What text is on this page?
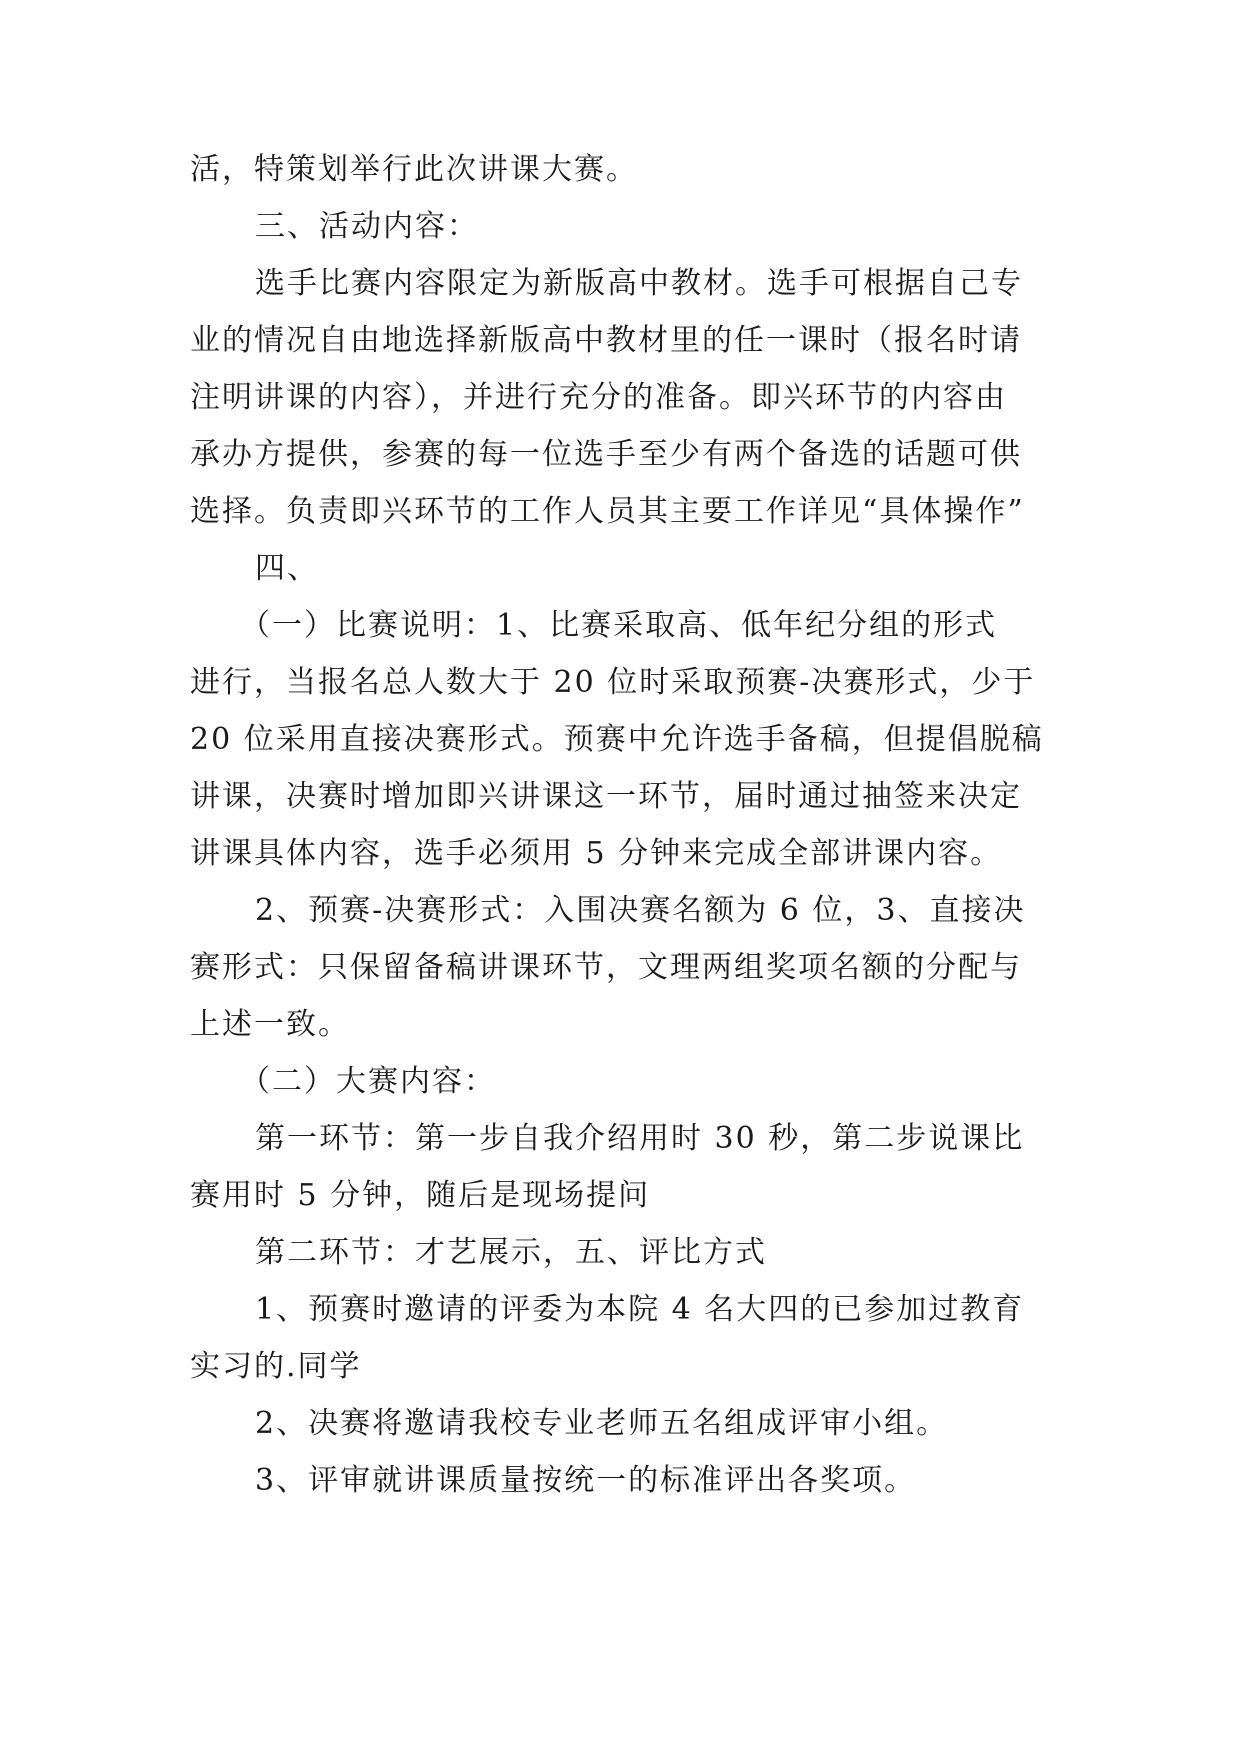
活，特策划举行此次讲课大赛。

三、活动内容：

选手比赛内容限定为新版高中教材。选手可根据自己专

业的情况自由地选择新版高中教材里的任一课时（报名时请

注明讲课的内容），并进行充分的准备。即兴环节的内容由

承办方提供，参赛的每一位选手至少有两个备选的话题可供

选择。负责即兴环节的工作人员其主要工作详见“具体操作”

四、

（一）比赛说明：1、比赛采取高、低年纪分组的形式

进行，当报名总人数大于 20 位时采取预赛-决赛形式，少于

20 位采用直接决赛形式。预赛中允许选手备稿，但提倡脱稿

讲课，决赛时增加即兴讲课这一环节，届时通过抽签来决定

讲课具体内容，选手必须用 5 分钟来完成全部讲课内容。

2、预赛-决赛形式：入围决赛名额为 6 位，3、直接决

赛形式：只保留备稿讲课环节，文理两组奖项名额的分配与

上述一致。

（二）大赛内容：

第一环节：第一步自我介绍用时 30 秒，第二步说课比

赛用时 5 分钟，随后是现场提问

第二环节：才艺展示，五、评比方式

1、预赛时邀请的评委为本院 4 名大四的已参加过教育

实习的.同学

2、决赛将邀请我校专业老师五名组成评审小组。

3、评审就讲课质量按统一的标准评出各奖项。
